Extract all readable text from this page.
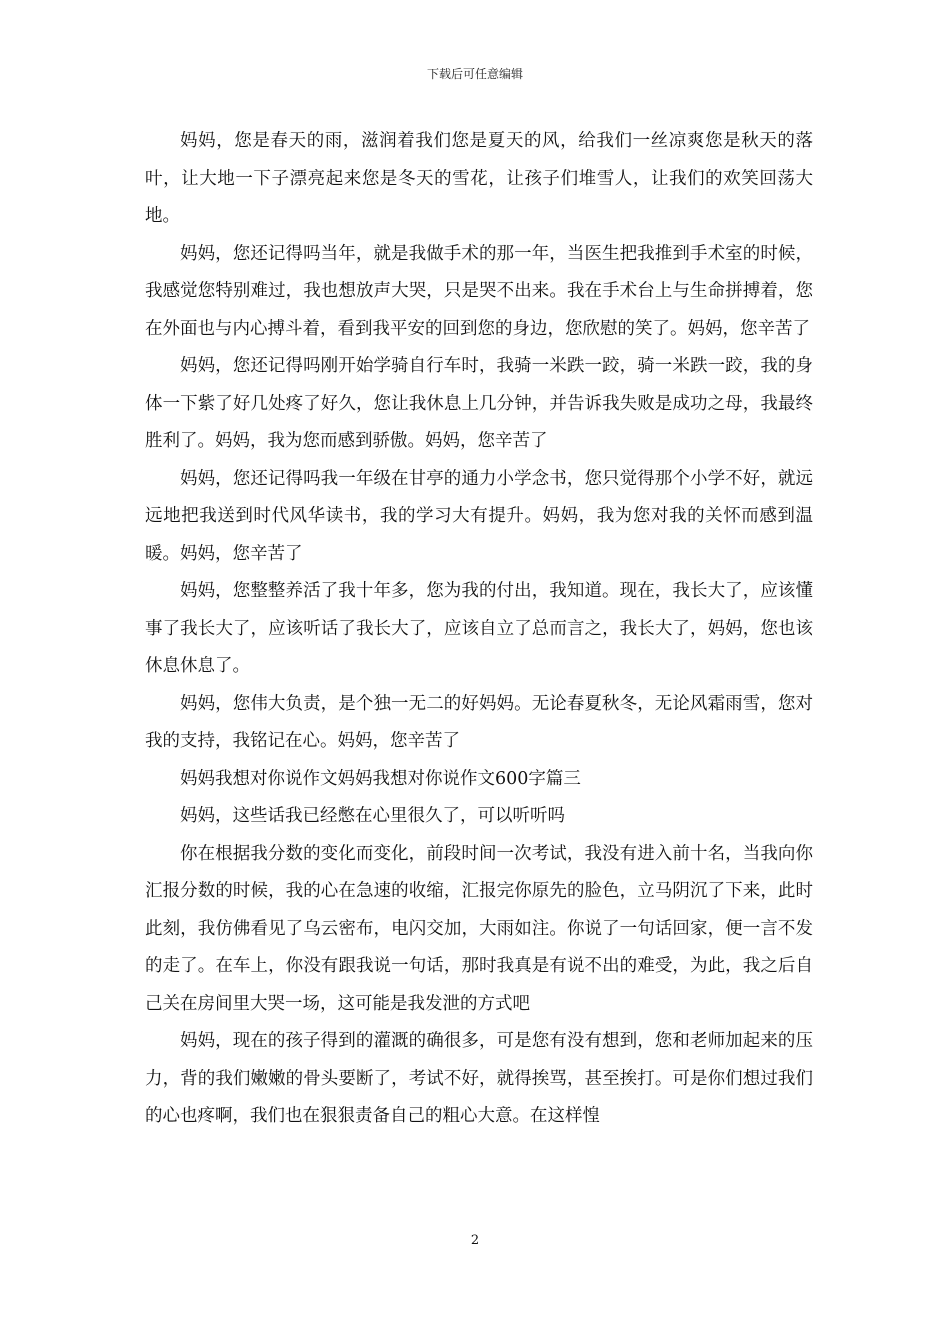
下载后可任意编辑

妈妈，您是春天的雨，滋润着我们您是夏天的风，给我们一丝凉爽您是秋天的落叶，让大地一下子漂亮起来您是冬天的雪花，让孩子们堆雪人，让我们的欢笑回荡大地。

妈妈，您还记得吗当年，就是我做手术的那一年，当医生把我推到手术室的时候，我感觉您特别难过，我也想放声大哭，只是哭不出来。我在手术台上与生命拼搏着，您在外面也与内心搏斗着，看到我平安的回到您的身边，您欣慰的笑了。妈妈，您辛苦了

妈妈，您还记得吗刚开始学骑自行车时，我骑一米跌一跤，骑一米跌一跤，我的身体一下紫了好几处疼了好久，您让我休息上几分钟，并告诉我失败是成功之母，我最终胜利了。妈妈，我为您而感到骄傲。妈妈，您辛苦了

妈妈，您还记得吗我一年级在甘亭的通力小学念书，您只觉得那个小学不好，就远远地把我送到时代风华读书，我的学习大有提升。妈妈，我为您对我的关怀而感到温暖。妈妈，您辛苦了

妈妈，您整整养活了我十年多，您为我的付出，我知道。现在，我长大了，应该懂事了我长大了，应该听话了我长大了，应该自立了总而言之，我长大了，妈妈，您也该休息休息了。

妈妈，您伟大负责，是个独一无二的好妈妈。无论春夏秋冬，无论风霜雨雪，您对我的支持，我铭记在心。妈妈，您辛苦了

妈妈我想对你说作文妈妈我想对你说作文600字篇三

妈妈，这些话我已经憋在心里很久了，可以听听吗

你在根据我分数的变化而变化，前段时间一次考试，我没有进入前十名，当我向你汇报分数的时候，我的心在急速的收缩，汇报完你原先的脸色，立马阴沉了下来，此时此刻，我仿佛看见了乌云密布，电闪交加，大雨如注。你说了一句话回家，便一言不发的走了。在车上，你没有跟我说一句话，那时我真是有说不出的难受，为此，我之后自己关在房间里大哭一场，这可能是我发泄的方式吧

妈妈，现在的孩子得到的灌溉的确很多，可是您有没有想到，您和老师加起来的压力，背的我们嫩嫩的骨头要断了，考试不好，就得挨骂，甚至挨打。可是你们想过我们的心也疼啊，我们也在狠狠责备自己的粗心大意。在这样惶

2
